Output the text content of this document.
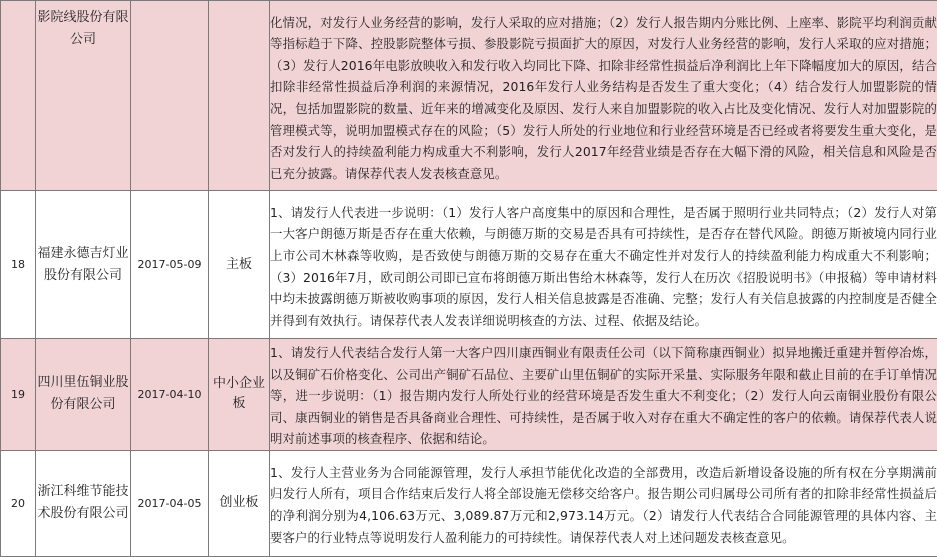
	影院线股份有限公司			化情况，对发行人业务经营的影响，发行人采取的应对措施；（2）发行人报告期内分账比例、上座率、影院平均利润贡献等指标趋于下降、控股影院整体亏损、参股影院亏损面扩大的原因，对发行人业务经营的影响，发行人采取的应对措施；（3）发行人2016年电影放映收入和发行收入均同比下降、扣除非经常性损益后净利润比上年下降幅度加大的原因，结合扣除非经常性损益后净利润的来源情况，2016年发行人业务结构是否发生了重大变化；（4）结合发行人加盟影院的情况，包括加盟影院的数量、近年来的增减变化及原因、发行人来自加盟影院的收入占比及变化情况、发行人对加盟影院的管理模式等，说明加盟模式存在的风险；（5）发行人所处的行业地位和行业经营环境是否已经或者将要发生重大变化，是否对发行人的持续盈利能力构成重大不利影响，发行人2017年经营业绩是否存在大幅下滑的风险，相关信息和风险是否已充分披露。请保荐代表人发表核查意见。
18	福建永德吉灯业股份有限公司	2017-05-09	主板	1、请发行人代表进一步说明：（1）发行人客户高度集中的原因和合理性，是否属于照明行业共同特点；（2）发行人对第一大客户朗德万斯是否存在重大依赖，与朗德万斯的交易是否具有可持续性，是否存在替代风险。朗德万斯被境内同行业上市公司木林森等收购，是否致使与朗德万斯的交易存在重大不确定性并对发行人的持续盈利能力构成重大不利影响；（3）2016年7月，欧司朗公司即已宣布将朗德万斯出售给木林森等，发行人在历次《招股说明书》（申报稿）等申请材料中均未披露朗德万斯被收购事项的原因，发行人相关信息披露是否准确、完整；发行人有关信息披露的内控制度是否健全并得到有效执行。请保荐代表人发表详细说明核查的方法、过程、依据及结论。
19	四川里伍铜业股份有限公司	2017-04-10	中小企业板	1、请发行人代表结合发行人第一大客户四川康西铜业有限责任公司（以下简称康西铜业）拟异地搬迁重建并暂停冶炼，以及铜矿石价格变化、公司出产铜矿石品位、主要矿山里伍铜矿的实际开采量、实际服务年限和截止目前的在手订单情况等，进一步说明：（1）报告期内发行人所处行业的经营环境是否发生重大不利变化；（2）发行人向云南铜业股份有限公司、康西铜业的销售是否具备商业合理性、可持续性，是否属于收入对存在重大不确定性的客户的依赖。请保荐代表人说明对前述事项的核查程序、依据和结论。
20	浙江科维节能技术股份有限公司	2017-04-05	创业板	1、发行人主营业务为合同能源管理，发行人承担节能优化改造的全部费用，改造后新增设备设施的所有权在分享期满前归发行人所有，项目合作结束后发行人将全部设施无偿移交给客户。报告期公司归属母公司所有者的扣除非经常性损益后的净利润分别为4,106.63万元、3,089.87万元和2,973.14万元。（2）请发行人代表结合合同能源管理的具体内容、主要客户的行业特点等说明发行人盈利能力的可持续性。请保荐代表人对上述问题发表核查意见。
